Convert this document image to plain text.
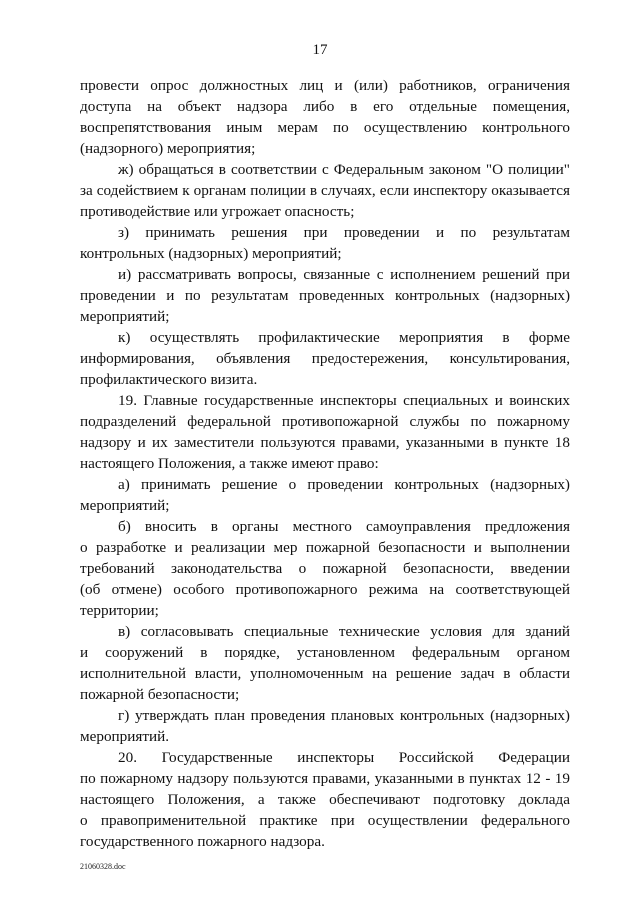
17
провести опрос должностных лиц и (или) работников, ограничения
доступа на объект надзора либо в его отдельные помещения,
воспрепятствования иным мерам по осуществлению контрольного
(надзорного) мероприятия;
ж) обращаться в соответствии с Федеральным законом "О полиции"
за содействием к органам полиции в случаях, если инспектору оказывается
противодействие или угрожает опасность;
з) принимать решения при проведении и по результатам
контрольных (надзорных) мероприятий;
и) рассматривать вопросы, связанные с исполнением решений при
проведении и по результатам проведенных контрольных (надзорных)
мероприятий;
к) осуществлять профилактические мероприятия в форме
информирования, объявления предостережения, консультирования,
профилактического визита.
19. Главные государственные инспекторы специальных и воинских
подразделений федеральной противопожарной службы по пожарному
надзору и их заместители пользуются правами, указанными в пункте 18
настоящего Положения, а также имеют право:
а) принимать решение о проведении контрольных (надзорных)
мероприятий;
б) вносить в органы местного самоуправления предложения
о разработке и реализации мер пожарной безопасности и выполнении
требований законодательства о пожарной безопасности, введении
(об отмене) особого противопожарного режима на соответствующей
территории;
в) согласовывать специальные технические условия для зданий
и сооружений в порядке, установленном федеральным органом
исполнительной власти, уполномоченным на решение задач в области
пожарной безопасности;
г) утверждать план проведения плановых контрольных (надзорных)
мероприятий.
20. Государственные инспекторы Российской Федерации
по пожарному надзору пользуются правами, указанными в пунктах 12 - 19
настоящего Положения, а также обеспечивают подготовку доклада
о правоприменительной практике при осуществлении федерального
государственного пожарного надзора.
21060328.doc
